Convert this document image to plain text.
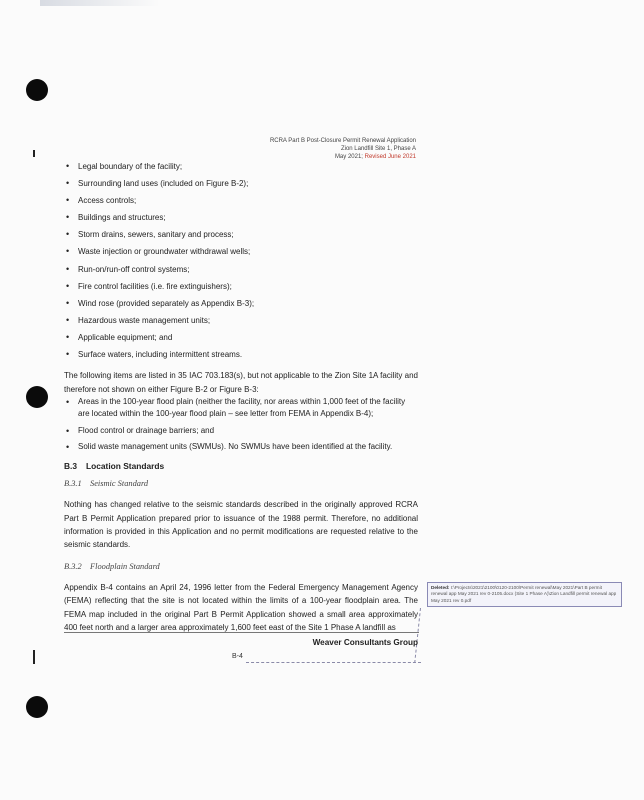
RCRA Part B Post-Closure Permit Renewal Application
Zion Landfill Site 1, Phase A
May 2021; Revised June 2021
• Legal boundary of the facility;
• Surrounding land uses (included on Figure B-2);
• Access controls;
• Buildings and structures;
• Storm drains, sewers, sanitary and process;
• Waste injection or groundwater withdrawal wells;
• Run-on/run-off control systems;
• Fire control facilities (i.e. fire extinguishers);
• Wind rose (provided separately as Appendix B-3);
• Hazardous waste management units;
• Applicable equipment; and
• Surface waters, including intermittent streams.

The following items are listed in 35 IAC 703.183(s), but not applicable to the Zion Site 1A facility and therefore not shown on either Figure B-2 or Figure B-3:

• Areas in the 100-year flood plain (neither the facility, nor areas within 1,000 feet of the facility are located within the 100-year flood plain – see letter from FEMA in Appendix B-4);
• Flood control or drainage barriers; and
• Solid waste management units (SWMUs). No SWMUs have been identified at the facility.
B.3 Location Standards
B.3.1 Seismic Standard

Nothing has changed relative to the seismic standards described in the originally approved RCRA Part B Permit Application prepared prior to issuance of the 1988 permit. Therefore, no additional information is provided in this Application and no permit modifications are requested relative to the seismic standards.

B.3.2 Floodplain Standard

Appendix B-4 contains an April 24, 1996 letter from the Federal Emergency Management Agency (FEMA) reflecting that the site is not located within the limits of a 100-year floodplain area. The FEMA map included in the original Part B Permit Application showed a small area approximately 400 feet north and a larger area approximately 1,600 feet east of the Site 1 Phase A landfill as

Deleted: I:\Projects\2021\2100\0120-2100\Permit renewal\May 2021\Part B permit renewal app May 2021 rev 0-2105.docx (Site 1 Phase A)\Zion Landfill permit renewal app May 2021 rev 0.pdf
Weaver Consultants Group
B-4
